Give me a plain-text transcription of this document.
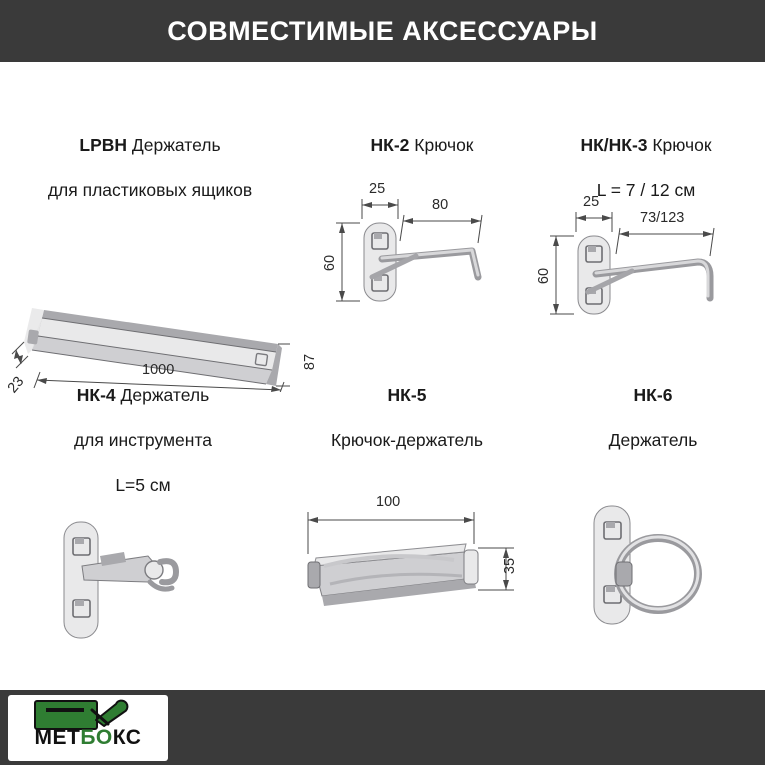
СОВМЕСТИМЫЕ АКСЕССУАРЫ

LPBH Держатель

для пластиковых ящиков

1000	87
23

НК-2 Крючок

25
80
60

НК/НК-3 Крючок

L = 7 / 12 см

25
73/123
60

НК-4 Держатель

для инструмента

L=5 см

НК-5

Крючок-держатель

100
35

НК-6

Держатель

МЕТБОКС
